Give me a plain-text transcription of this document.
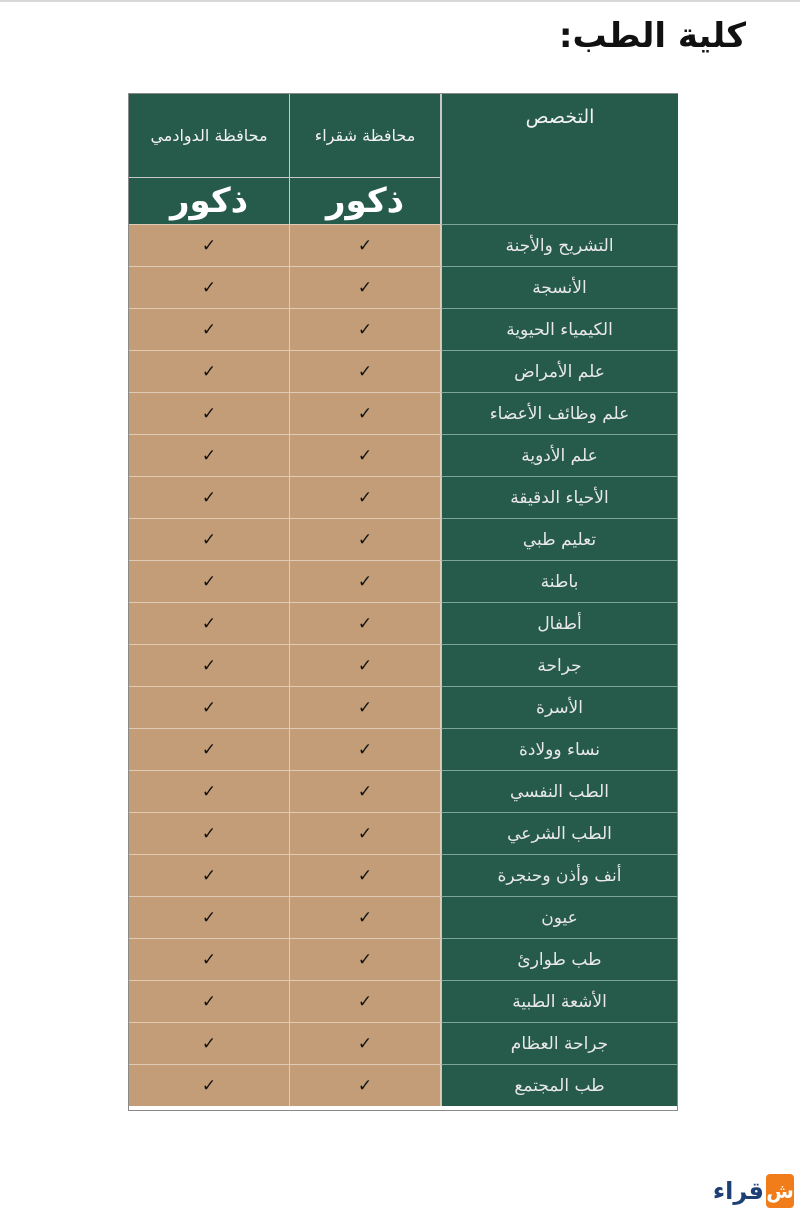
كلية الطب:
التخصص
محافظة شقراء
محافظة الدوادمي
ذكور
ذكور
التشريح والأجنة
✓
✓
الأنسجة
✓
✓
الكيمياء الحيوية
✓
✓
علم الأمراض
✓
✓
علم وظائف الأعضاء
✓
✓
علم الأدوية
✓
✓
الأحياء الدقيقة
✓
✓
تعليم طبي
✓
✓
باطنة
✓
✓
أطفال
✓
✓
جراحة
✓
✓
الأسرة
✓
✓
نساء وولادة
✓
✓
الطب النفسي
✓
✓
الطب الشرعي
✓
✓
أنف وأذن وحنجرة
✓
✓
عيون
✓
✓
طب طوارئ
✓
✓
الأشعة الطبية
✓
✓
جراحة العظام
✓
✓
طب المجتمع
✓
✓
ش
قراء
